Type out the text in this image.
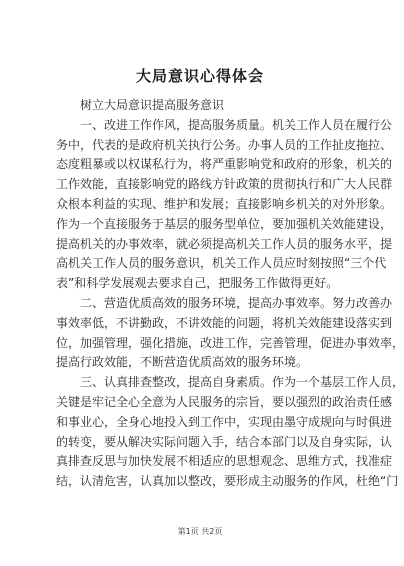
大局意识心得体会
树立大局意识提高服务意识
一、改进工作作风，提高服务质量。机关工作人员在履行公
务中，代表的是政府机关执行公务。办事人员的工作扯皮拖拉、
态度粗暴或以权谋私行为，将严重影响党和政府的形象，机关的
工作效能，直接影响党的路线方针政策的贯彻执行和广大人民群
众根本利益的实现、维护和发展；直接影响乡机关的对外形象。
作为一个直接服务于基层的服务型单位，要加强机关效能建设，
提高机关的办事效率，就必须提高机关工作人员的服务水平，提
高机关工作人员的服务意识，机关工作人员应时刻按照“三个代
表”和科学发展观去要求自己，把服务工作做得更好。
二、营造优质高效的服务环境，提高办事效率。努力改善办
事效率低，不讲勤政，不讲效能的问题，将机关效能建设落实到
位，加强管理，强化措施，改进工作，完善管理，促进办事效率，
提高行政效能，不断营造优质高效的服务环境。
三、认真排查整改，提高自身素质。作为一个基层工作人员，
关键是牢记全心全意为人民服务的宗旨，要以强烈的政治责任感
和事业心，全身心地投入到工作中，实现由墨守成规向与时俱进
的转变，要从解决实际问题入手，结合本部门以及自身实际，认
真排查反思与加快发展不相适应的思想观念、思维方式，找准症
结，认清危害，认真加以整改，要形成主动服务的作风，杜绝“门
第1页 共2页
